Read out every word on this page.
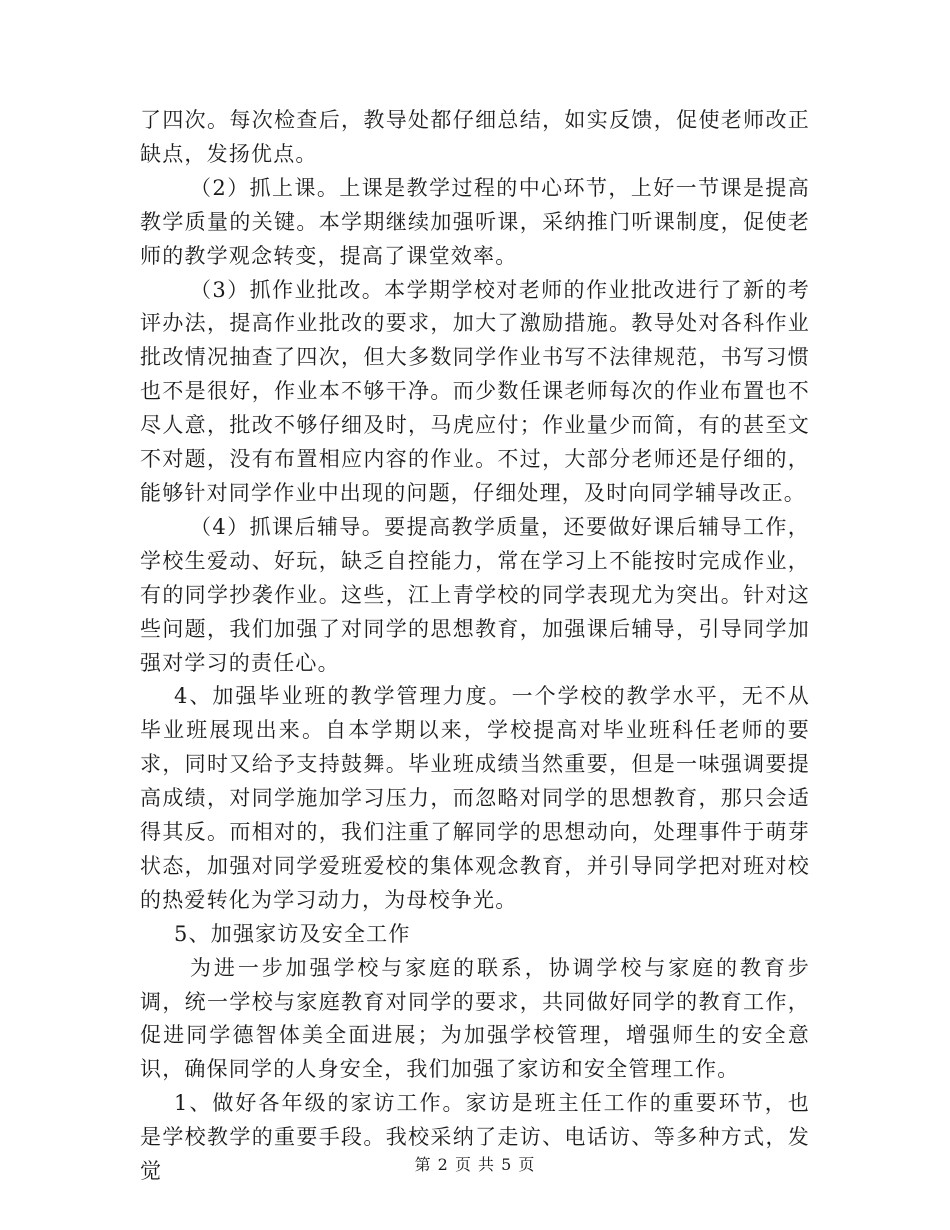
了四次。每次检查后，教导处都仔细总结，如实反馈，促使老师改正缺点，发扬优点。

（2）抓上课。上课是教学过程的中心环节，上好一节课是提高教学质量的关键。本学期继续加强听课，采纳推门听课制度，促使老师的教学观念转变，提高了课堂效率。

（3）抓作业批改。本学期学校对老师的作业批改进行了新的考评办法，提高作业批改的要求，加大了激励措施。教导处对各科作业批改情况抽查了四次，但大多数同学作业书写不法律规范，书写习惯也不是很好，作业本不够干净。而少数任课老师每次的作业布置也不尽人意，批改不够仔细及时，马虎应付；作业量少而简，有的甚至文不对题，没有布置相应内容的作业。不过，大部分老师还是仔细的，能够针对同学作业中出现的问题，仔细处理，及时向同学辅导改正。

（4）抓课后辅导。要提高教学质量，还要做好课后辅导工作，学校生爱动、好玩，缺乏自控能力，常在学习上不能按时完成作业，有的同学抄袭作业。这些，江上青学校的同学表现尤为突出。针对这些问题，我们加强了对同学的思想教育，加强课后辅导，引导同学加强对学习的责任心。

4、加强毕业班的教学管理力度。一个学校的教学水平，无不从毕业班展现出来。自本学期以来，学校提高对毕业班科任老师的要求，同时又给予支持鼓舞。毕业班成绩当然重要，但是一味强调要提高成绩，对同学施加学习压力，而忽略对同学的思想教育，那只会适得其反。而相对的，我们注重了解同学的思想动向，处理事件于萌芽状态，加强对同学爱班爱校的集体观念教育，并引导同学把对班对校的热爱转化为学习动力，为母校争光。

5、加强家访及安全工作

为进一步加强学校与家庭的联系，协调学校与家庭的教育步调，统一学校与家庭教育对同学的要求，共同做好同学的教育工作，促进同学德智体美全面进展；为加强学校管理，增强师生的安全意识，确保同学的人身安全，我们加强了家访和安全管理工作。

1、做好各年级的家访工作。家访是班主任工作的重要环节，也是学校教学的重要手段。我校采纳了走访、电话访、等多种方式，发觉	第 2 页 共 5 页
